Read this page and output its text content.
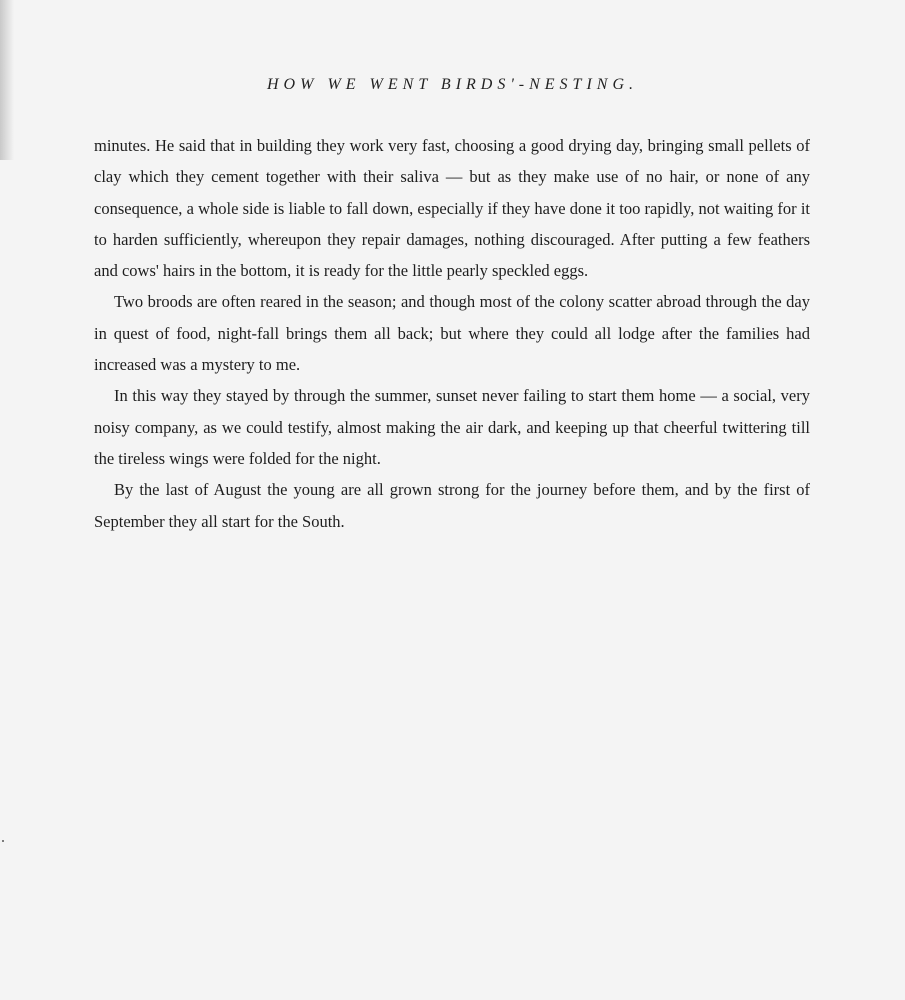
HOW WE WENT BIRDS'-NESTING.

minutes. He said that in building they work very fast, choosing a good drying day, bringing small pellets of clay which they cement together with their saliva — but as they make use of no hair, or none of any consequence, a whole side is liable to fall down, especially if they have done it too rapidly, not waiting for it to harden sufficiently, whereupon they repair damages, nothing discouraged. After putting a few feathers and cows' hairs in the bottom, it is ready for the little pearly speckled eggs.

Two broods are often reared in the season; and though most of the colony scatter abroad through the day in quest of food, night-fall brings them all back; but where they could all lodge after the families had increased was a mystery to me.

In this way they stayed by through the summer, sunset never failing to start them home — a social, very noisy company, as we could testify, almost making the air dark, and keeping up that cheerful twittering till the tireless wings were folded for the night.

By the last of August the young are all grown strong for the journey before them, and by the first of September they all start for the South.
